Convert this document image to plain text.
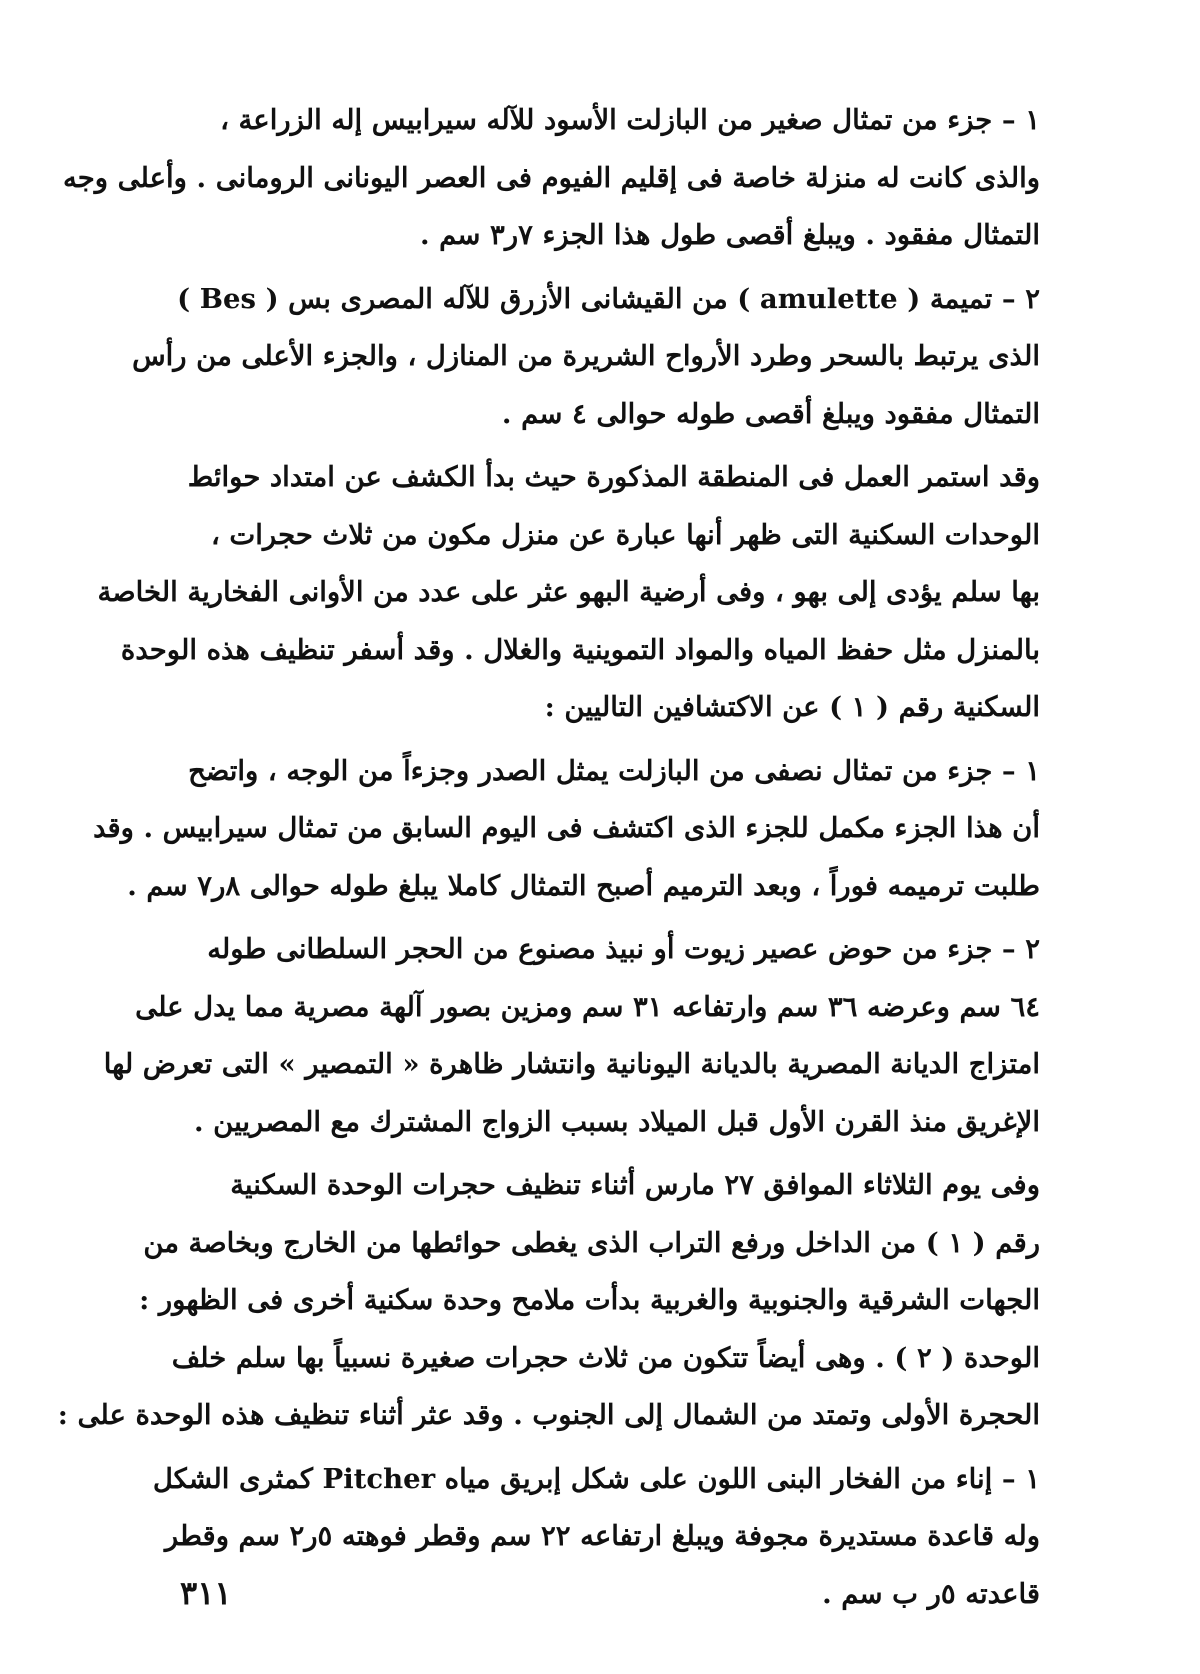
١ – جزء من تمثال صغير من البازلت الأسود للآله سيرابيس إله الزراعة ،
والذى كانت له منزلة خاصة فى إقليم الفيوم فى العصر اليونانى الرومانى . وأعلى وجه
التمثال مفقود . ويبلغ أقصى طول هذا الجزء ٧ر٣ سم .

٢ – تميمة ( amulette ) من القيشانى الأزرق للآله المصرى بس ( Bes )
الذى يرتبط بالسحر وطرد الأرواح الشريرة من المنازل ، والجزء الأعلى من رأس
التمثال مفقود ويبلغ أقصى طوله حوالى ٤ سم .

وقد استمر العمل فى المنطقة المذكورة حيث بدأ الكشف عن امتداد حوائط
الوحدات السكنية التى ظهر أنها عبارة عن منزل مكون من ثلاث حجرات ،
بها سلم يؤدى إلى بهو ، وفى أرضية البهو عثر على عدد من الأوانى الفخارية الخاصة
بالمنزل مثل حفظ المياه والمواد التموينية والغلال . وقد أسفر تنظيف هذه الوحدة
السكنية رقم ( ١ ) عن الاكتشافين التاليين :

١ – جزء من تمثال نصفى من البازلت يمثل الصدر وجزءاً من الوجه ، واتضح
أن هذا الجزء مكمل للجزء الذى اكتشف فى اليوم السابق من تمثال سيرابيس . وقد
طلبت ترميمه فوراً ، وبعد الترميم أصبح التمثال كاملا يبلغ طوله حوالى ٨ر٧ سم .

٢ – جزء من حوض عصير زيوت أو نبيذ مصنوع من الحجر السلطانى طوله
٦٤ سم وعرضه ٣٦ سم وارتفاعه ٣١ سم ومزين بصور آلهة مصرية مما يدل على
امتزاج الديانة المصرية بالديانة اليونانية وانتشار ظاهرة « التمصير » التى تعرض لها
الإغريق منذ القرن الأول قبل الميلاد بسبب الزواج المشترك مع المصريين .

وفى يوم الثلاثاء الموافق ٢٧ مارس أثناء تنظيف حجرات الوحدة السكنية
رقم ( ١ ) من الداخل ورفع التراب الذى يغطى حوائطها من الخارج وبخاصة من
الجهات الشرقية والجنوبية والغربية بدأت ملامح وحدة سكنية أخرى فى الظهور :
الوحدة ( ٢ ) . وهى أيضاً تتكون من ثلاث حجرات صغيرة نسبياً بها سلم خلف
الحجرة الأولى وتمتد من الشمال إلى الجنوب . وقد عثر أثناء تنظيف هذه الوحدة على :

١ – إناء من الفخار البنى اللون على شكل إبريق مياه Pitcher كمثرى الشكل
وله قاعدة مستديرة مجوفة ويبلغ ارتفاعه ٢٢ سم وقطر فوهته ٥ر٢ سم وقطر
قاعدته ٥ر ب سم .

٣١١
